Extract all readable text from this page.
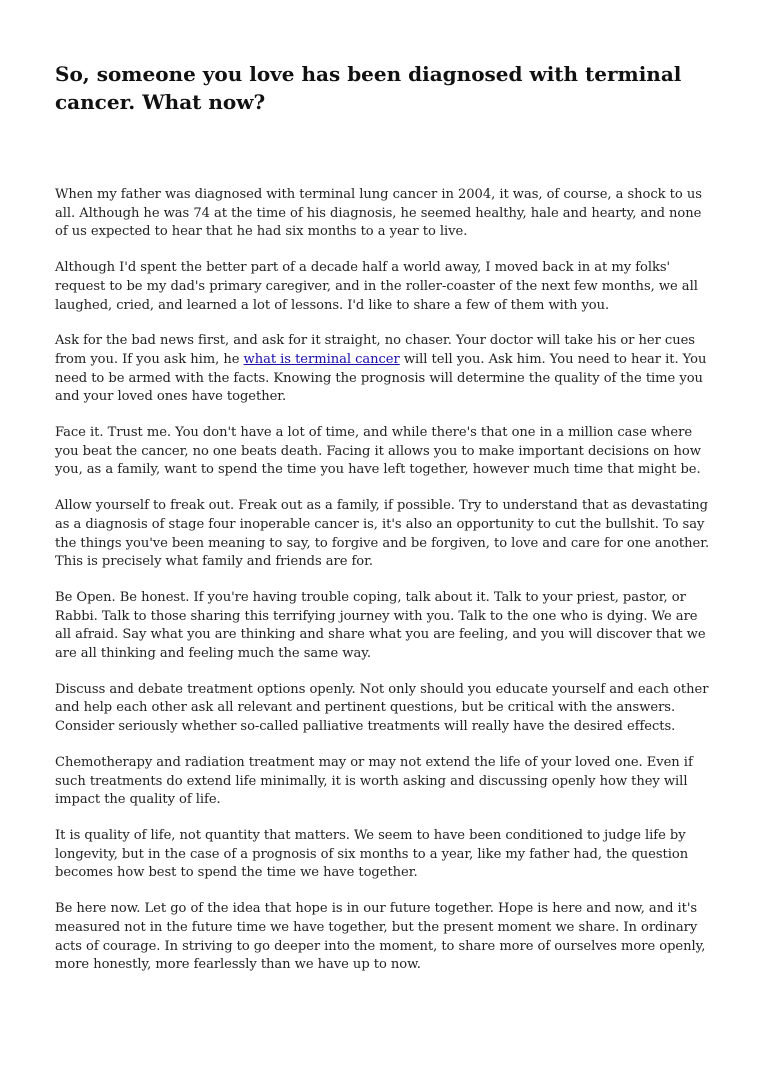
So, someone you love has been diagnosed with terminal cancer. What now?

When my father was diagnosed with terminal lung cancer in 2004, it was, of course, a shock to us all. Although he was 74 at the time of his diagnosis, he seemed healthy, hale and hearty, and none of us expected to hear that he had six months to a year to live.

Although I'd spent the better part of a decade half a world away, I moved back in at my folks' request to be my dad's primary caregiver, and in the roller-coaster of the next few months, we all laughed, cried, and learned a lot of lessons. I'd like to share a few of them with you.

Ask for the bad news first, and ask for it straight, no chaser. Your doctor will take his or her cues from you. If you ask him, he what is terminal cancer will tell you. Ask him. You need to hear it. You need to be armed with the facts. Knowing the prognosis will determine the quality of the time you and your loved ones have together.

Face it. Trust me. You don't have a lot of time, and while there's that one in a million case where you beat the cancer, no one beats death. Facing it allows you to make important decisions on how you, as a family, want to spend the time you have left together, however much time that might be.

Allow yourself to freak out. Freak out as a family, if possible. Try to understand that as devastating as a diagnosis of stage four inoperable cancer is, it's also an opportunity to cut the bullshit. To say the things you've been meaning to say, to forgive and be forgiven, to love and care for one another. This is precisely what family and friends are for.

Be Open. Be honest. If you're having trouble coping, talk about it. Talk to your priest, pastor, or Rabbi. Talk to those sharing this terrifying journey with you. Talk to the one who is dying. We are all afraid. Say what you are thinking and share what you are feeling, and you will discover that we are all thinking and feeling much the same way.

Discuss and debate treatment options openly. Not only should you educate yourself and each other and help each other ask all relevant and pertinent questions, but be critical with the answers. Consider seriously whether so-called palliative treatments will really have the desired effects.

Chemotherapy and radiation treatment may or may not extend the life of your loved one. Even if such treatments do extend life minimally, it is worth asking and discussing openly how they will impact the quality of life.

It is quality of life, not quantity that matters. We seem to have been conditioned to judge life by longevity, but in the case of a prognosis of six months to a year, like my father had, the question becomes how best to spend the time we have together.

Be here now. Let go of the idea that hope is in our future together. Hope is here and now, and it's measured not in the future time we have together, but the present moment we share. In ordinary acts of courage. In striving to go deeper into the moment, to share more of ourselves more openly, more honestly, more fearlessly than we have up to now.
